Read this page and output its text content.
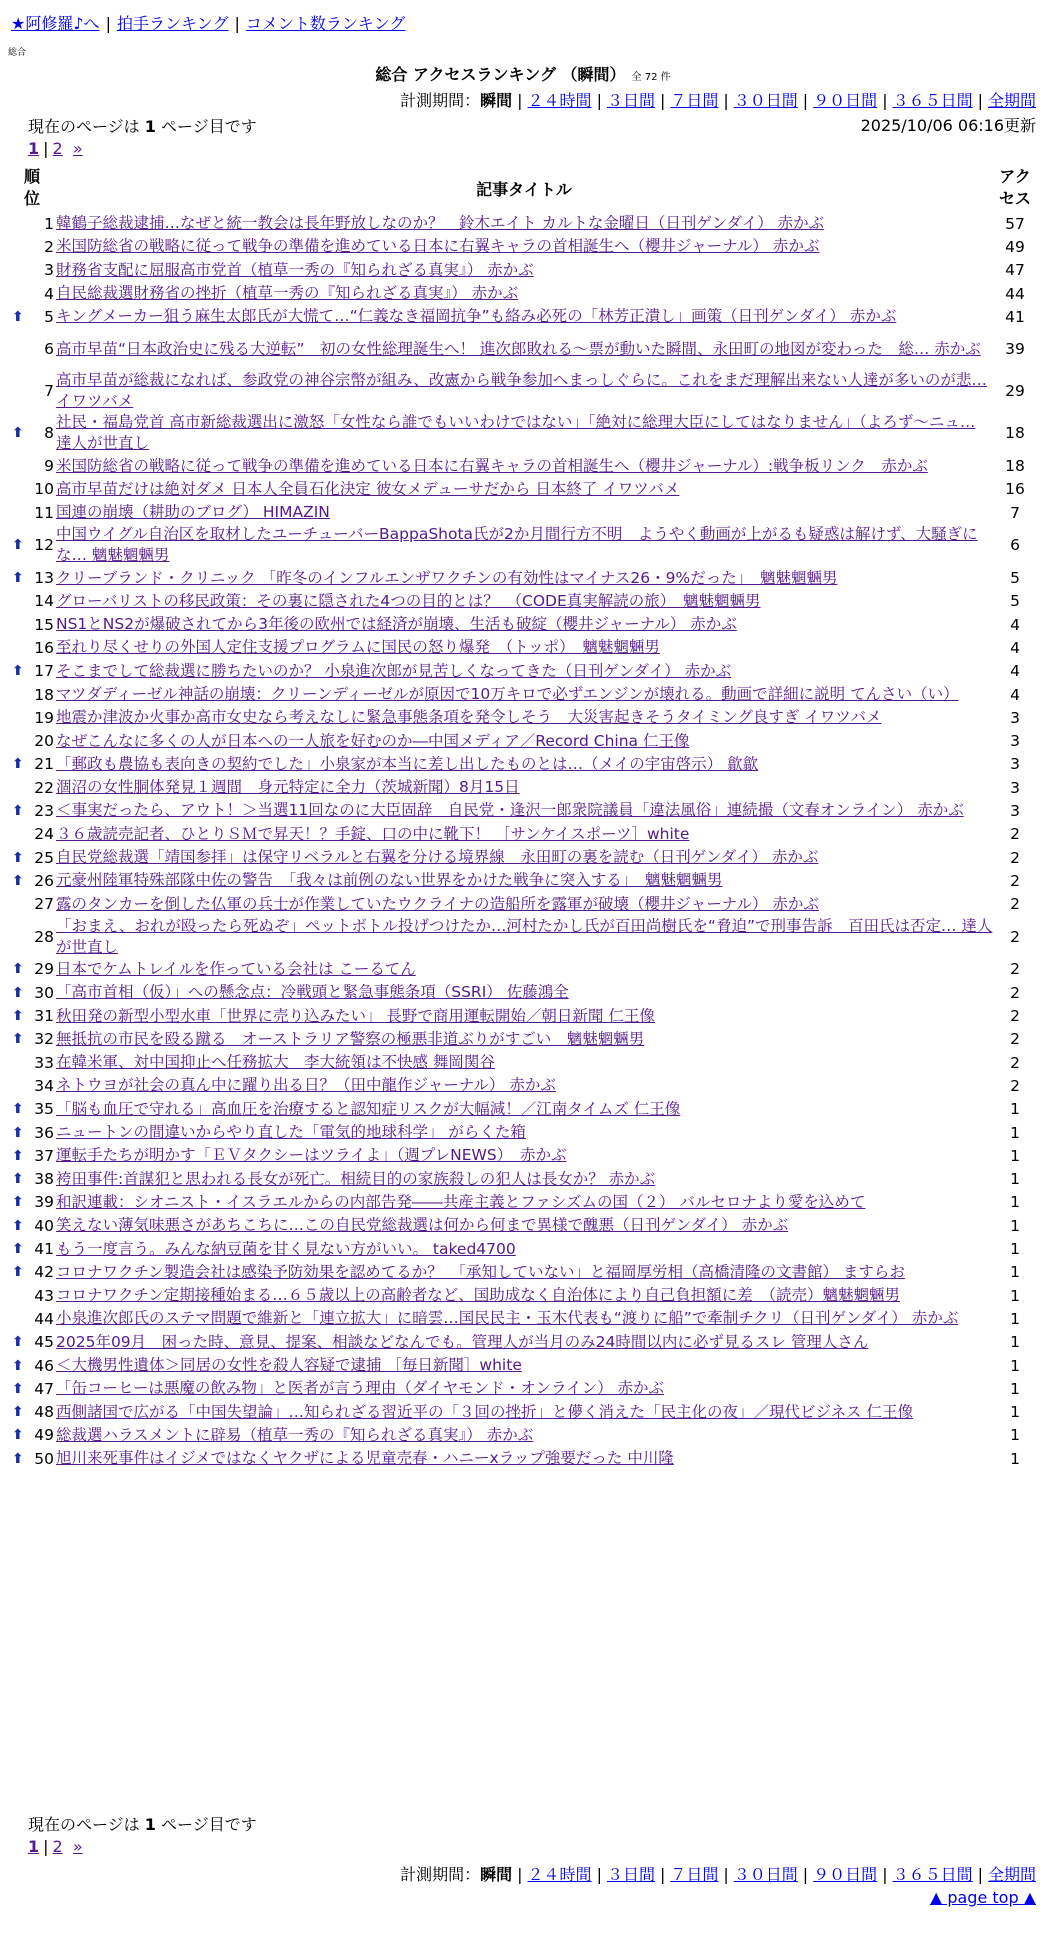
★阿修羅♪へ | 拍手ランキング | コメント数ランキング
総合
総合 アクセスランキング （瞬間） 全 72 件
計測期間：瞬間 | ２４時間 | ３日間 | ７日間 | ３０日間 | ９０日間 | ３６５日間 | 全期間
現在のページは 1 ページ目です	2025/10/06 06:16更新
1 | 2 »
順位	記事タイトル	アクセス

1	韓鶴子総裁逮捕…なぜと統一教会は長年野放しなのか？　鈴木エイト カルトな金曜日（日刊ゲンダイ） 赤かぶ	57
2	米国防総省の戦略に従って戦争の準備を進めている日本に右翼キャラの首相誕生へ（櫻井ジャーナル） 赤かぶ	49
3	財務省支配に屈服高市党首（植草一秀の『知られざる真実』） 赤かぶ	47
4	自民総裁選財務省の挫折（植草一秀の『知られざる真実』） 赤かぶ	44

⬆ 5	キングメーカー狙う麻生太郎氏が大慌て…“仁義なき福岡抗争”も絡み必死の「林芳正潰し」画策（日刊ゲンダイ） 赤かぶ	41
6	高市早苗“日本政治史に残る大逆転”　初の女性総理誕生へ！ 進次郎敗れる～票が動いた瞬間、永田町の地図が変わった　総… 赤かぶ	39
7	高市早苗が総裁になれば、参政党の神谷宗幣が組み、改憲から戦争参加へまっしぐらに。これをまだ理解出来ない人達が多いのが悲… イワツバメ	29

⬆ 8	社民・福島党首 高市新総裁選出に激怒「女性なら誰でもいいわけではない」「絶対に総理大臣にしてはなりません」（よろず～ニュ… 達人が世直し	18
9	米国防総省の戦略に従って戦争の準備を進めている日本に右翼キャラの首相誕生へ（櫻井ジャーナル）:戦争板リンク　赤かぶ	18
10	高市早苗だけは絶対ダメ 日本人全員石化決定 彼女メデューサだから 日本終了 イワツバメ	16
11	国連の崩壊（耕助のブログ） HIMAZIN	7

⬆ 12	中国ウイグル自治区を取材したユーチューバーBappaShota氏が2か月間行方不明　ようやく動画が上がるも疑惑は解けず、大騒ぎにな… 魑魅魍魎男	6

⬆ 13	クリーブランド・クリニック 「昨冬のインフルエンザワクチンの有効性はマイナス26・9%だった」　魑魅魍魎男	5
14	グローバリストの移民政策：その裏に隠された4つの目的とは？　（CODE真実解読の旅）　魑魅魍魎男	5
15	NS1とNS2が爆破されてから3年後の欧州では経済が崩壊、生活も破綻（櫻井ジャーナル） 赤かぶ	4
16	至れり尽くせりの外国人定住支援プログラムに国民の怒り爆発　（トッポ）　魑魅魍魎男	4

⬆ 17	そこまでして総裁選に勝ちたいのか？ 小泉進次郎が見苦しくなってきた（日刊ゲンダイ） 赤かぶ	4
18	マツダディーゼル神話の崩壊：クリーンディーゼルが原因で10万キロで必ずエンジンが壊れる。動画で詳細に説明 てんさい（い）	4
19	地震か津波か火事か高市女史なら考えなしに緊急事態条項を発令しそう　大災害起きそうタイミング良すぎ イワツバメ	3
20	なぜこんなに多くの人が日本への一人旅を好むのか―中国メディア／Record China 仁王像	3

⬆ 21	「郵政も農協も表向きの契約でした」小泉家が本当に差し出したものとは…（メイの宇宙啓示） 歙歙	3
22	涸沼の女性胴体発見１週間　身元特定に全力（茨城新聞）8月15日	3

⬆ 23	＜事実だったら、アウト！＞当選11回なのに大臣固辞　自民党・逢沢一郎衆院議員「違法風俗」連続撮（文春オンライン） 赤かぶ	3
24	３６歳読売記者、ひとりＳＭで昇天！？手錠、口の中に靴下！ ［サンケイスポーツ］white	2

⬆ 25	自民党総裁選「靖国参拝」は保守リベラルと右翼を分ける境界線　永田町の裏を読む（日刊ゲンダイ） 赤かぶ	2

⬆ 26	元豪州陸軍特殊部隊中佐の警告　「我々は前例のない世界をかけた戦争に突入する」　魑魅魍魎男	2
27	露のタンカーを倒した仏軍の兵士が作業していたウクライナの造船所を露軍が破壊（櫻井ジャーナル） 赤かぶ	2
28	「おまえ、おれが殴ったら死ぬぞ」ペットボトル投げつけたか…河村たかし氏が百田尚樹氏を“脅迫”で刑事告訴　百田氏は否定… 達人が世直し	2

⬆ 29	日本でケムトレイルを作っている会社は こーるてん	2

⬆ 30	「高市首相（仮）」への懸念点：冷戦頭と緊急事態条項（SSRI） 佐藤鴻全	2

⬆ 31	秋田発の新型小型水車「世界に売り込みたい」 長野で商用運転開始／朝日新聞 仁王像	2

⬆ 32	無抵抗の市民を殴る蹴る　オーストラリア警察の極悪非道ぶりがすごい　魑魅魍魎男	2
33	在韓米軍、対中国抑止へ任務拡大　李大統領は不快感 舞岡関谷	2
34	ネトウヨが社会の真ん中に躍り出る日？（田中龍作ジャーナル） 赤かぶ	2

⬆ 35	「脳も血圧で守れる」高血圧を治療すると認知症リスクが大幅減！／江南タイムズ 仁王像	1

⬆ 36	ニュートンの間違いからやり直した「電気的地球科学」 がらくた箱	1

⬆ 37	運転手たちが明かす「ＥＶタクシーはツライよ」（週プレNEWS）　赤かぶ	1

⬆ 38	袴田事件:首謀犯と思われる長女が死亡。相続目的の家族殺しの犯人は長女か？ 赤かぶ	1

⬆ 39	和訳連載：シオニスト・イスラエルからの内部告発――共産主義とファシズムの国（２） バルセロナより愛を込めて	1

⬆ 40	笑えない薄気味悪さがあちこちに…この自民党総裁選は何から何まで異様で醜悪（日刊ゲンダイ） 赤かぶ	1

⬆ 41	もう一度言う。みんな納豆菌を甘く見ない方がいい。 taked4700	1

⬆ 42	コロナワクチン製造会社は感染予防効果を認めてるか？　「承知していない」と福岡厚労相（高橋清隆の文書館） ますらお	1
43	コロナワクチン定期接種始まる…６５歳以上の高齢者など、国助成なく自治体により自己負担額に差　（読売）魑魅魍魎男	1
44	小泉進次郎氏のステマ問題で維新と「連立拡大」に暗雲…国民民主・玉木代表も“渡りに船”で牽制チクリ（日刊ゲンダイ） 赤かぶ	1

⬆ 45	2025年09月　困った時、意見、提案、相談などなんでも。管理人が当月のみ24時間以内に必ず見るスレ 管理人さん	1

⬆ 46	＜大機男性遺体＞同居の女性を殺人容疑で逮捕 ［毎日新聞］white	1

⬆ 47	「缶コーヒーは悪魔の飲み物」と医者が言う理由（ダイヤモンド・オンライン） 赤かぶ	1

⬆ 48	西側諸国で広がる「中国失望論」…知られざる習近平の「３回の挫折」と儚く消えた「民主化の夜」／現代ビジネス 仁王像	1

⬆ 49	総裁選ハラスメントに辟易（植草一秀の『知られざる真実』） 赤かぶ	1

⬆ 50	旭川来死事件はイジメではなくヤクザによる児童売春・ハニーxラップ強要だった 中川隆	1
現在のページは 1 ページ目です
1 | 2 »
計測期間：瞬間 | ２４時間 | ３日間 | ７日間 | ３０日間 | ９０日間 | ３６５日間 | 全期間
▲ page top ▲
